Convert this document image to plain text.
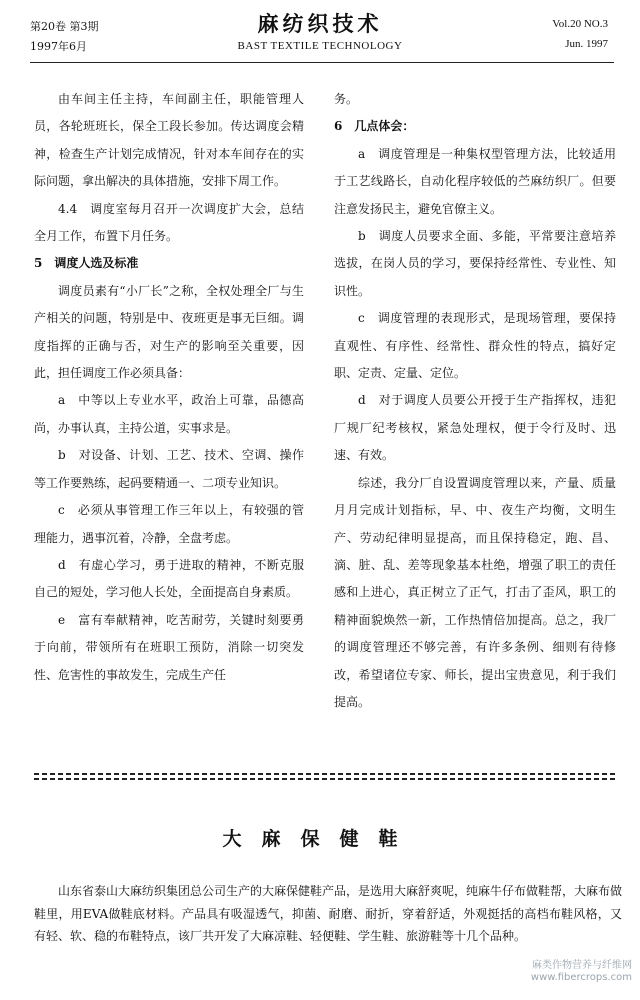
第20卷 第3期
1997年6月
麻纺织技术
BAST TEXTILE TECHNOLOGY
Vol.20 NO.3
Jun. 1997

由车间主任主持，车间副主任，职能管理人员，各轮班班长，保全工段长参加。传达调度会精神，检查生产计划完成情况，针对本车间存在的实际问题，拿出解决的具体措施，安排下周工作。

4.4　调度室每月召开一次调度扩大会，总结全月工作，布置下月任务。

5　调度人选及标准

调度员素有“小厂长”之称，全权处理全厂与生产相关的问题，特别是中、夜班更是事无巨细。调度指挥的正确与否，对生产的影响至关重要，因此，担任调度工作必须具备：

a　中等以上专业水平，政治上可靠，品德高尚，办事认真，主持公道，实事求是。

b　对设备、计划、工艺、技术、空调、操作等工作要熟练，起码要精通一、二项专业知识。

c　必须从事管理工作三年以上，有较强的管理能力，遇事沉着，冷静，全盘考虑。

d　有虚心学习，勇于进取的精神，不断克服自己的短处，学习他人长处，全面提高自身素质。

e　富有奉献精神，吃苦耐劳，关键时刻要勇于向前，带领所有在班职工预防，消除一切突发性、危害性的事故发生，完成生产任

务。

6　几点体会：

a　调度管理是一种集权型管理方法，比较适用于工艺线路长，自动化程序较低的苎麻纺织厂。但要注意发扬民主，避免官僚主义。

b　调度人员要求全面、多能，平常要注意培养选拔，在岗人员的学习，要保持经常性、专业性、知识性。

c　调度管理的表现形式，是现场管理，要保持直观性、有序性、经常性、群众性的特点，搞好定职、定责、定量、定位。

d　对于调度人员要公开授于生产指挥权，违犯厂规厂纪考核权，紧急处理权，便于令行及时、迅速、有效。

综述，我分厂自设置调度管理以来，产量、质量月月完成计划指标，早、中、夜生产均衡，文明生产、劳动纪律明显提高，而且保持稳定，跑、昌、滴、脏、乱、差等现象基本杜绝，增强了职工的责任感和上进心，真正树立了正气，打击了歪风，职工的精神面貌焕然一新，工作热情倍加提高。总之，我厂的调度管理还不够完善，有许多条例、细则有待修改，希望诸位专家、师长，提出宝贵意见，利于我们提高。

大麻保健鞋

山东省泰山大麻纺织集团总公司生产的大麻保健鞋产品，是选用大麻舒爽呢，纯麻牛仔布做鞋帮，大麻布做鞋里，用EVA做鞋底材料。产品具有吸湿透气，抑菌、耐磨、耐折，穿着舒适，外观挺括的高档布鞋风格，又有轻、软、稳的布鞋特点，该厂共开发了大麻凉鞋、轻便鞋、学生鞋、旅游鞋等十几个品种。

麻类作物营养与纤维网
www.fibercrops.com
